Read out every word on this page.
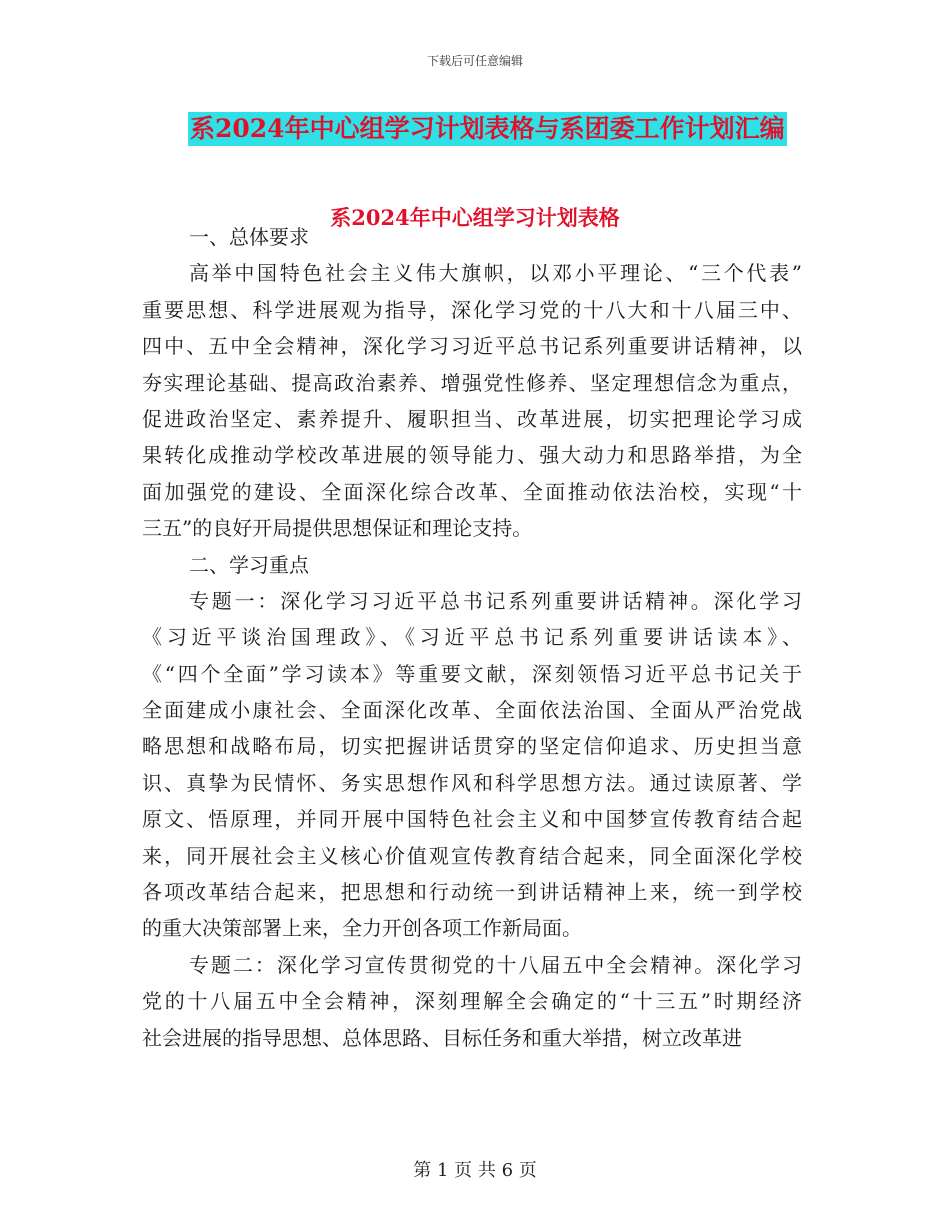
下载后可任意编辑
系2024年中心组学习计划表格与系团委工作计划汇编
系2024年中心组学习计划表格
一、总体要求
高举中国特色社会主义伟大旗帜，以邓小平理论、“三个代表”
重要思想、科学进展观为指导，深化学习党的十八大和十八届三中、
四中、五中全会精神，深化学习习近平总书记系列重要讲话精神，以
夯实理论基础、提高政治素养、增强党性修养、坚定理想信念为重点，
促进政治坚定、素养提升、履职担当、改革进展，切实把理论学习成
果转化成推动学校改革进展的领导能力、强大动力和思路举措，为全
面加强党的建设、全面深化综合改革、全面推动依法治校，实现“十
三五”的良好开局提供思想保证和理论支持。
二、学习重点
专题一：深化学习习近平总书记系列重要讲话精神。深化学习
《习近平谈治国理政》、《习近平总书记系列重要讲话读本》、
《“四个全面”学习读本》等重要文献，深刻领悟习近平总书记关于
全面建成小康社会、全面深化改革、全面依法治国、全面从严治党战
略思想和战略布局，切实把握讲话贯穿的坚定信仰追求、历史担当意
识、真挚为民情怀、务实思想作风和科学思想方法。通过读原著、学
原文、悟原理，并同开展中国特色社会主义和中国梦宣传教育结合起
来，同开展社会主义核心价值观宣传教育结合起来，同全面深化学校
各项改革结合起来，把思想和行动统一到讲话精神上来，统一到学校
的重大决策部署上来，全力开创各项工作新局面。
专题二：深化学习宣传贯彻党的十八届五中全会精神。深化学习
党的十八届五中全会精神，深刻理解全会确定的“十三五”时期经济
社会进展的指导思想、总体思路、目标任务和重大举措，树立改革进
第 1 页 共 6 页
